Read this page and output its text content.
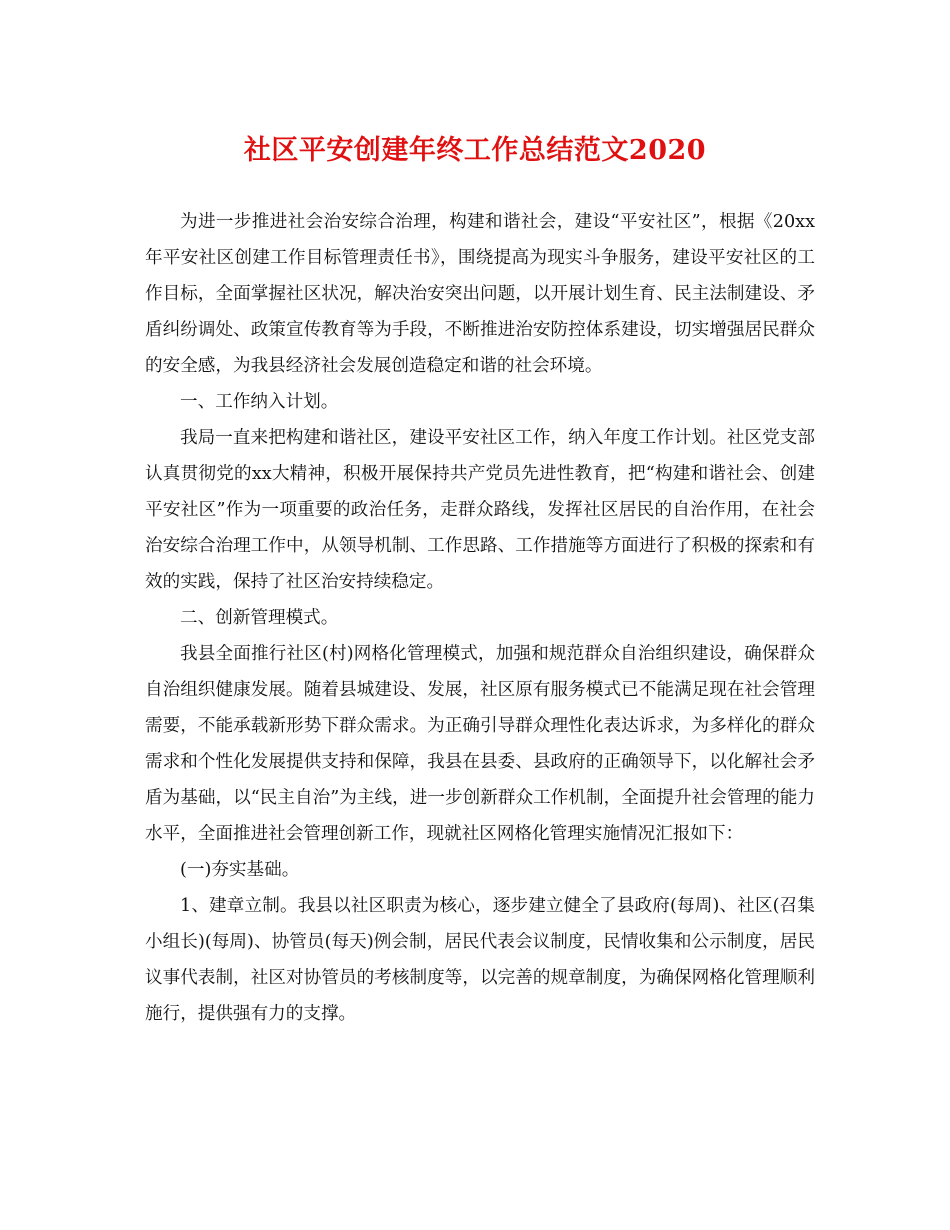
社区平安创建年终工作总结范文2020

为进一步推进社会治安综合治理，构建和谐社会，建设“平安社区”，根据《20xx年平安社区创建工作目标管理责任书》，围绕提高为现实斗争服务，建设平安社区的工作目标，全面掌握社区状况，解决治安突出问题，以开展计划生育、民主法制建设、矛盾纠纷调处、政策宣传教育等为手段，不断推进治安防控体系建设，切实增强居民群众的安全感，为我县经济社会发展创造稳定和谐的社会环境。

一、工作纳入计划。

我局一直来把构建和谐社区，建设平安社区工作，纳入年度工作计划。社区党支部认真贯彻党的xx大精神，积极开展保持共产党员先进性教育，把“构建和谐社会、创建平安社区”作为一项重要的政治任务，走群众路线，发挥社区居民的自治作用，在社会治安综合治理工作中，从领导机制、工作思路、工作措施等方面进行了积极的探索和有效的实践，保持了社区治安持续稳定。

二、创新管理模式。

我县全面推行社区(村)网格化管理模式，加强和规范群众自治组织建设，确保群众自治组织健康发展。随着县城建设、发展，社区原有服务模式已不能满足现在社会管理需要，不能承载新形势下群众需求。为正确引导群众理性化表达诉求，为多样化的群众需求和个性化发展提供支持和保障，我县在县委、县政府的正确领导下，以化解社会矛盾为基础，以“民主自治”为主线，进一步创新群众工作机制，全面提升社会管理的能力水平，全面推进社会管理创新工作，现就社区网格化管理实施情况汇报如下：

(一)夯实基础。

1、建章立制。我县以社区职责为核心，逐步建立健全了县政府(每周)、社区(召集小组长)(每周)、协管员(每天)例会制，居民代表会议制度，民情收集和公示制度，居民议事代表制，社区对协管员的考核制度等，以完善的规章制度，为确保网格化管理顺利施行，提供强有力的支撑。
